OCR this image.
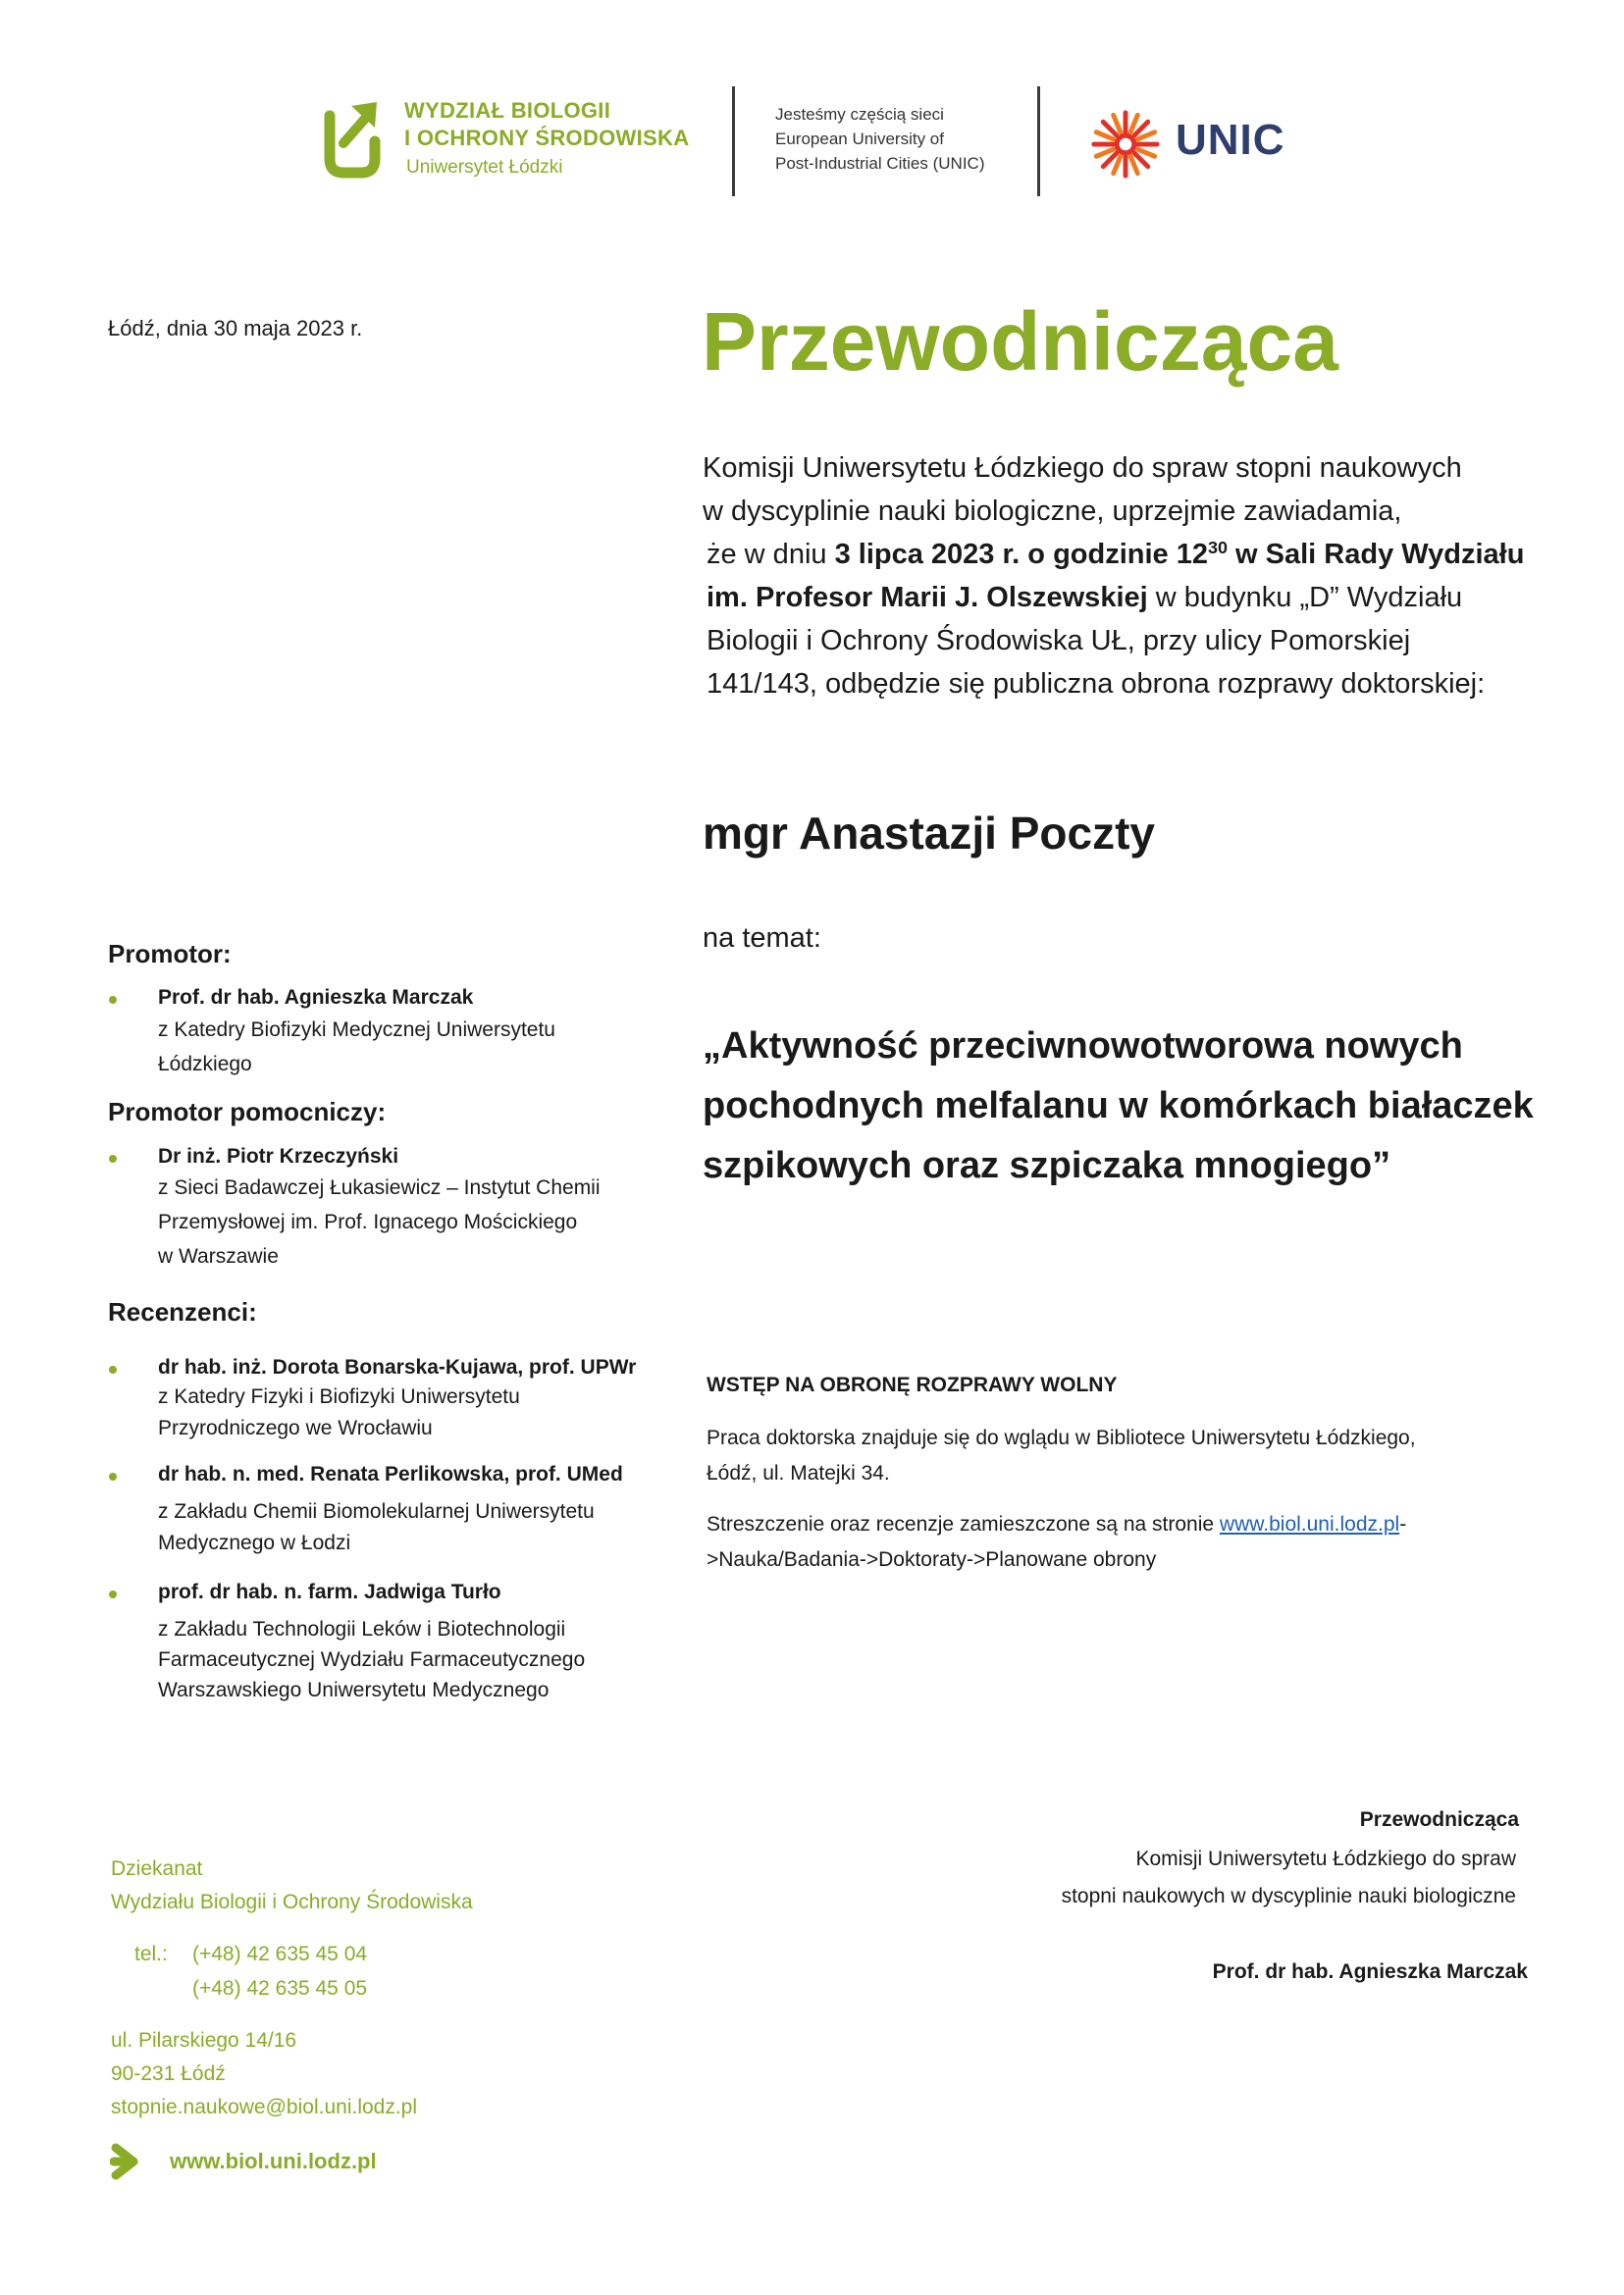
WYDZIAŁ BIOLOGII
I OCHRONY ŚRODOWISKA
Uniwersytet Łódzki
Jesteśmy częścią sieci
European University of
Post-Industrial Cities (UNIC)	UNIC
Łódź, dnia 30 maja 2023 r.	Przewodnicząca
Komisji Uniwersytetu Łódzkiego do spraw stopni naukowych
w dyscyplinie nauki biologiczne, uprzejmie zawiadamia,
że w dniu 3 lipca 2023 r. o godzinie $12^{30}$ w Sali Rady Wydziału
im. Profesor Marii J. Olszewskiej w budynku „D” Wydziału
Biologii i Ochrony Środowiska UŁ, przy ulicy Pomorskiej
141/143, odbędzie się publiczna obrona rozprawy doktorskiej:
mgr Anastazji Poczty
na temat:
„Aktywność przeciwnowotworowa nowych
pochodnych melfalanu w komórkach białaczek
szpikowych oraz szpiczaka mnogiego”
Promotor:
Prof. dr hab. Agnieszka Marczak
z Katedry Biofizyki Medycznej Uniwersytetu
Łódzkiego
Promotor pomocniczy:
Dr inż. Piotr Krzeczyński
z Sieci Badawczej Łukasiewicz – Instytut Chemii
Przemysłowej im. Prof. Ignacego Mościckiego
w Warszawie
Recenzenci:
dr hab. inż. Dorota Bonarska-Kujawa, prof. UPWr
z Katedry Fizyki i Biofizyki Uniwersytetu
Przyrodniczego we Wrocławiu
dr hab. n. med. Renata Perlikowska, prof. UMed
z Zakładu Chemii Biomolekularnej Uniwersytetu
Medycznego w Łodzi
prof. dr hab. n. farm. Jadwiga Turło
z Zakładu Technologii Leków i Biotechnologii
Farmaceutycznej Wydziału Farmaceutycznego
Warszawskiego Uniwersytetu Medycznego
WSTĘP NA OBRONĘ ROZPRAWY WOLNY
Praca doktorska znajduje się do wglądu w Bibliotece Uniwersytetu Łódzkiego,
Łódź, ul. Matejki 34.
Streszczenie oraz recenzje zamieszczone są na stronie www.biol.uni.lodz.pl-
>Nauka/Badania->Doktoraty->Planowane obrony
Dziekanat
Wydziału Biologii i Ochrony Środowiska
tel.: (+48) 42 635 45 04
(+48) 42 635 45 05
ul. Pilarskiego 14/16
90-231 Łódź
stopnie.naukowe@biol.uni.lodz.pl
www.biol.uni.lodz.pl
Przewodnicząca
Komisji Uniwersytetu Łódzkiego do spraw
stopni naukowych w dyscyplinie nauki biologiczne
Prof. dr hab. Agnieszka Marczak
